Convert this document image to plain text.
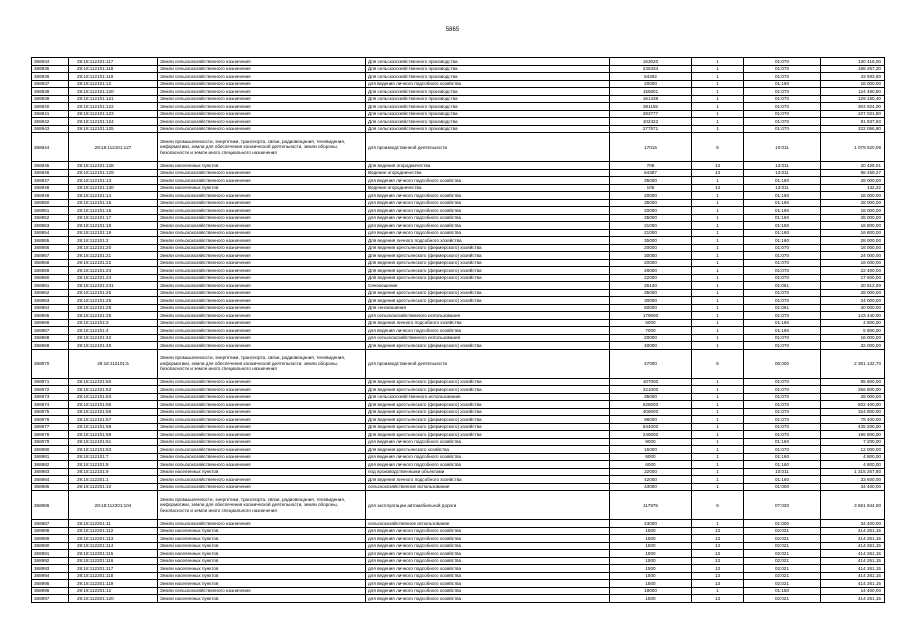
5865
368934	29:18:112101:117	Земли сельскохозяйственного назначения	Для сельскохозяйственного производства	163020	1	01:070	130 416,00
368935	29:18:112101:118	Земли сельскохозяйственного назначения	Для сельскохозяйственного производства	235334	1	01:070	188 267,20
368936	29:18:112101:119	Земли сельскохозяйственного назначения	Для сельскохозяйственного производства	54492	1	01:070	43 593,60
368937	29:18:112101:12	Земли сельскохозяйственного назначения	для ведения личного подсобного хозяйства	20000	1	01:160	16 000,00
368938	29:18:112101:120	Земли сельскохозяйственного назначения	Для сельскохозяйственного производства	155601	1	01:070	124 480,80
368939	29:18:112101:121	Земли сельскохозяйственного назначения	Для сельскохозяйственного производства	161438	1	01:070	129 150,40
368940	29:18:112101:122	Земли сельскохозяйственного назначения	Для сельскохозяйственного производства	381155	1	01:070	304 924,00
368941	29:18:112101:123	Земли сельскохозяйственного назначения	Для сельскохозяйственного производства	283777	1	01:070	227 021,60
368942	29:18:112101:124	Земли сельскохозяйственного назначения	Для сельскохозяйственного производства	102422	1	01:070	81 937,60
368943	29:18:112101:125	Земли сельскохозяйственного назначения	Для сельскохозяйственного производства	277571	1	01:070	222 056,80
368944	29:18:112101:127	Земли промышленности, энергетики, транспорта, связи, радиовещания, телевидения, информатики, земли для обеспечения космической деятельности, земли обороны, безопасности и земли иного специального назначения	для производственной деятельности	17015	6	10:011	1 079 520,08
368945	29:18:112101:128	Земли населенных пунктов	Для ведения огородничества	708	13	13:011	20 429,01
368946	29:18:112101:129	Земли сельскохозяйственного назначения	Ведение огородничества	84387	13	13:011	98 459,27
368947	29:18:112101:13	Земли сельскохозяйственного назначения	для ведения личного подсобного хозяйства	35000	1	01:160	28 000,00
368948	29:18:112101:130	Земли населенных пунктов	Ведение огородничества	105	13	13:011	132,22
368949	29:18:112101:14	Земли сельскохозяйственного назначения	для ведения личного подсобного хозяйства	20000	1	01:160	16 000,00
368950	29:18:112101:15	Земли сельскохозяйственного назначения	для ведения личного подсобного хозяйства	35000	1	01:160	28 000,00
368951	29:18:112101:16	Земли сельскохозяйственного назначения	для ведения личного подсобного хозяйства	20000	1	01:160	16 000,00
368952	29:18:112101:17	Земли сельскохозяйственного назначения	для ведения личного подсобного хозяйства	35000	1	01:160	28 000,00
368953	29:18:112101:18	Земли сельскохозяйственного назначения	для ведения личного подсобного хозяйства	21000	1	01:160	16 800,00
368954	29:18:112101:19	Земли сельскохозяйственного назначения	для ведения личного подсобного хозяйства	21000	1	01:160	16 800,00
368955	29:18:112101:2	Земли сельскохозяйственного назначения	Для ведения личного подсобного хозяйства	35000	1	01:160	28 000,00
368956	29:18:112101:20	Земли сельскохозяйственного назначения	Для ведения крестьянского (фермерского) хозяйства	20000	1	01:070	16 000,00
368957	29:18:112101:21	Земли сельскохозяйственного назначения	Для ведения крестьянского (фермерского) хозяйства	30000	1	01:070	24 000,00
368958	29:18:112101:22	Земли сельскохозяйственного назначения	Для ведения крестьянского (фермерского) хозяйства	20000	1	01:070	16 000,00
368959	29:18:112101:23	Земли сельскохозяйственного назначения	Для ведения крестьянского (фермерского) хозяйства	28000	1	01:070	22 400,00
368960	29:18:112101:24	Земли сельскохозяйственного назначения	Для ведения крестьянского (фермерского) хозяйства	22000	1	01:070	17 600,00
368961	29:18:112101:241	Земли сельскохозяйственного назначения	Сенокошение	26140	1	01:061	20 912,00
368962	29:18:112101:25	Земли сельскохозяйственного назначения	Для ведения крестьянского (фермерского) хозяйства	35000	1	01:070	28 000,00
368963	29:18:112101:26	Земли сельскохозяйственного назначения	Для ведения крестьянского (фермерского) хозяйства	30000	1	01:070	24 000,00
368964	29:18:112101:28	Земли сельскохозяйственного назначения	Для сенокошения	50000	1	01:061	40 000,00
368965	29:18:112101:29	Земли сельскохозяйственного назначения	для сельскохозяйственного использования	179000	1	01:070	143 440,00
368966	29:18:112101:3	Земли сельскохозяйственного назначения	Для ведения личного подсобного хозяйства	6000	1	01:160	4 800,00
368967	29:18:112101:4	Земли сельскохозяйственного назначения	для ведения личного подсобного хозяйства	7000	1	01:160	5 600,00
368968	29:18:112101:42	Земли сельскохозяйственного назначения	для сельскохозяйственного использования	20000	1	01:070	16 000,00
368969	29:18:112101:49	Земли сельскохозяйственного назначения	Для ведения крестьянского (фермерского) хозяйства	40000	1	01:070	32 000,00
368970	29:18:112101:5	Земли промышленности, энергетики, транспорта, связи, радиовещания, телевидения, информатики, земли для обеспечения космической деятельности, земли обороны, безопасности и земли иного специального назначения	для производственной деятельности	47000	6	06:000	2 351 132,70
368971	29:18:112101:50	Земли сельскохозяйственного назначения	Для ведения крестьянского (фермерского) хозяйства	107000	1	01:070	85 600,00
368972	29:18:112101:52	Земли сельскохозяйственного назначения	Для ведения крестьянского (фермерского) хозяйства	321000	1	01:070	256 800,00
368973	29:18:112101:53	Земли сельскохозяйственного назначения	Для сельскохозяйственного использования	35000	1	01:070	28 000,00
368974	29:18:112101:55	Земли сельскохозяйственного назначения	Для ведения крестьянского (фермерского) хозяйства	628000	1	01:070	502 400,00
368975	29:18:112101:56	Земли сельскохозяйственного назначения	Для ведения крестьянского (фермерского) хозяйства	406000	1	01:070	324 800,00
368976	29:18:112101:57	Земли сельскохозяйственного назначения	Для ведения крестьянского (фермерского) хозяйства	98000	1	01:070	78 400,00
368977	29:18:112101:58	Земли сельскохозяйственного назначения	Для ведения крестьянского (фермерского) хозяйства	544000	1	01:070	435 200,00
368978	29:18:112101:59	Земли сельскохозяйственного назначения	Для ведения крестьянского (фермерского) хозяйства	246000	1	01:070	196 800,00
368979	29:18:112101:61	Земли сельскохозяйственного назначения	для ведения личного подсобного хозяйства	9000	1	01:160	7 200,00
368980	29:18:112101:63	Земли сельскохозяйственного назначения	Для ведения крестьянского хозяйства	15000	1	01:070	12 000,00
368981	29:18:112101:7	Земли сельскохозяйственного назначения	для ведения личного подсобного хозяйства	6000	1	01:160	4 800,00
368982	29:18:112101:8	Земли сельскохозяйственного назначения	для ведения личного подсобного хозяйства	6000	1	01:160	4 800,00
368983	29:18:112101:9	Земли населенных пунктов	под производственными объектами	22000	1	10:011	1 315 267,80
368984	29:18:112201:1	Земли сельскохозяйственного назначения	Для ведения личного подсобного хозяйства	42000	1	01:160	33 600,00
368985	29:18:112201:10	Земли сельскохозяйственного назначения	сельскохозяйственное использование	43000	1	01:000	34 400,00
368986	29:18:112201:104	Земли промышленности, энергетики, транспорта, связи, радиовещания, телевидения, информатики, земли для обеспечения космической деятельности, земли обороны, безопасности и земли иного специального назначения	для эксплуатации автомобильной дороги	117975	6	07:020	3 661 944,00
368987	29:18:112201:11	Земли сельскохозяйственного назначения	сельскохозяйственное использование	43000	1	01:000	34 400,00
368988	29:18:112201:112	Земли населенных пунктов	для ведения личного подсобного хозяйства	1500	13	02:021	414 261,15
368989	29:18:112201:113	Земли населенных пунктов	для ведения личного подсобного хозяйства	1500	13	02:021	414 261,15
368990	29:18:112201:114	Земли населенных пунктов	для ведения личного подсобного хозяйства	1500	13	02:021	414 261,15
368991	29:18:112201:115	Земли населенных пунктов	для ведения личного подсобного хозяйства	1500	13	02:021	414 261,15
368992	29:18:112201:116	Земли населенных пунктов	для ведения личного подсобного хозяйства	1500	13	02:021	414 261,15
368993	29:18:112201:117	Земли населенных пунктов	для ведения личного подсобного хозяйства	1500	13	02:021	414 261,15
368994	29:18:112201:118	Земли населенных пунктов	для ведения личного подсобного хозяйства	1500	13	02:021	414 261,15
368995	29:18:112201:119	Земли населенных пунктов	для ведения личного подсобного хозяйства	1500	13	02:021	414 261,15
368996	29:18:112201:12	Земли сельскохозяйственного назначения	для ведения личного подсобного хозяйства	18000	1	01:160	14 400,00
368997	29:18:112201:120	Земли населенных пунктов	для ведения личного подсобного хозяйства	1500	13	02:021	414 261,15
